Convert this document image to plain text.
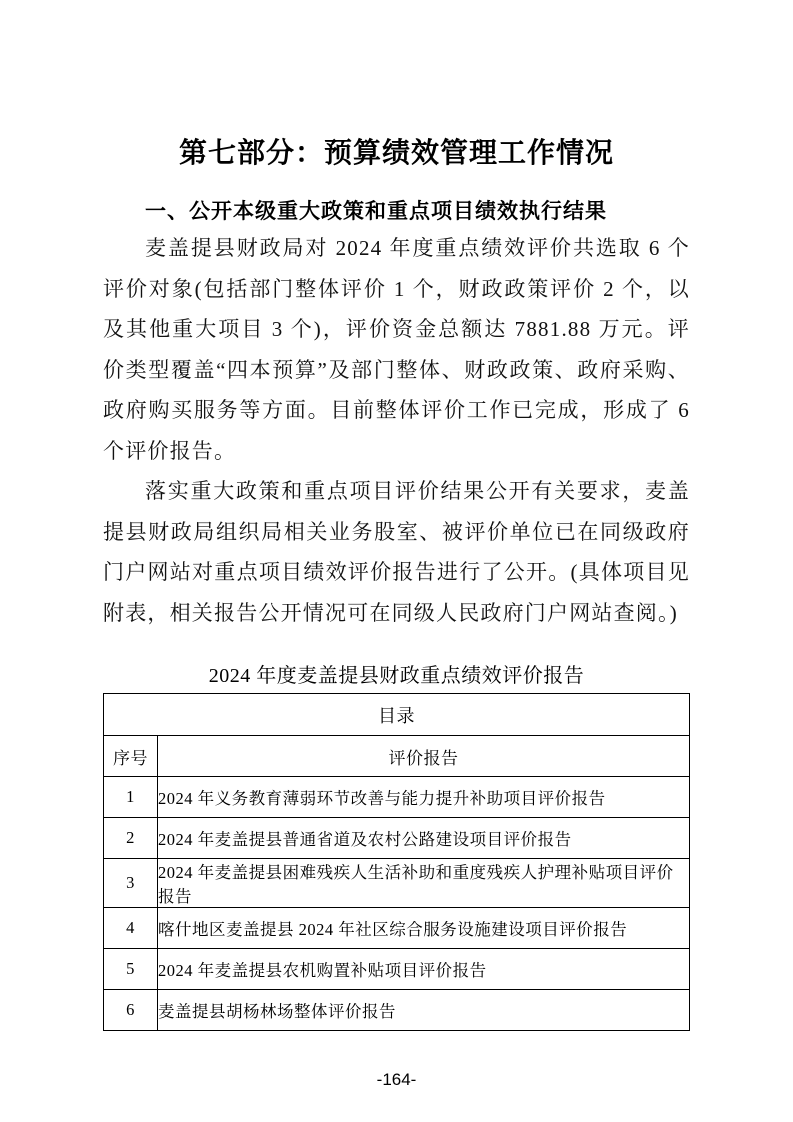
第七部分：预算绩效管理工作情况
一、公开本级重大政策和重点项目绩效执行结果

麦盖提县财政局对 2024 年度重点绩效评价共选取 6 个评价对象(包括部门整体评价 1 个，财政政策评价 2 个，以及其他重大项目 3 个)，评价资金总额达 7881.88 万元。评价类型覆盖“四本预算”及部门整体、财政政策、政府采购、政府购买服务等方面。目前整体评价工作已完成，形成了 6 个评价报告。

落实重大政策和重点项目评价结果公开有关要求，麦盖提县财政局组织局相关业务股室、被评价单位已在同级政府门户网站对重点项目绩效评价报告进行了公开。(具体项目见附表，相关报告公开情况可在同级人民政府门户网站查阅。)

2024 年度麦盖提县财政重点绩效评价报告
目录	
序号	评价报告
1	2024 年义务教育薄弱环节改善与能力提升补助项目评价报告
2	2024 年麦盖提县普通省道及农村公路建设项目评价报告
3	2024 年麦盖提县困难残疾人生活补助和重度残疾人护理补贴项目评价报告
4	喀什地区麦盖提县 2024 年社区综合服务设施建设项目评价报告
5	2024 年麦盖提县农机购置补贴项目评价报告
6	麦盖提县胡杨林场整体评价报告
-164-
